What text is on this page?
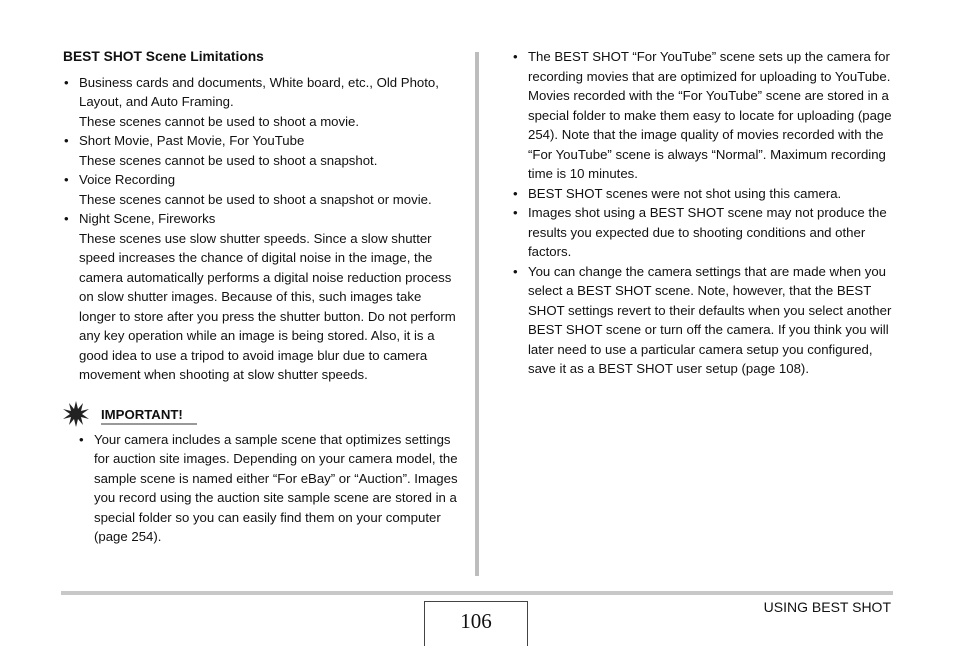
BEST SHOT Scene Limitations
• Business cards and documents, White board, etc., Old Photo, Layout, and Auto Framing.
These scenes cannot be used to shoot a movie.
• Short Movie, Past Movie, For YouTube
These scenes cannot be used to shoot a snapshot.
• Voice Recording
These scenes cannot be used to shoot a snapshot or movie.
• Night Scene, Fireworks
These scenes use slow shutter speeds. Since a slow shutter speed increases the chance of digital noise in the image, the camera automatically performs a digital noise reduction process on slow shutter images. Because of this, such images take longer to store after you press the shutter button. Do not perform any key operation while an image is being stored. Also, it is a good idea to use a tripod to avoid image blur due to camera movement when shooting at slow shutter speeds.
IMPORTANT!
• Your camera includes a sample scene that optimizes settings for auction site images. Depending on your camera model, the sample scene is named either “For eBay” or “Auction”. Images you record using the auction site sample scene are stored in a special folder so you can easily find them on your computer (page 254).
• The BEST SHOT “For YouTube” scene sets up the camera for recording movies that are optimized for uploading to YouTube. Movies recorded with the “For YouTube” scene are stored in a special folder to make them easy to locate for uploading (page 254). Note that the image quality of movies recorded with the “For YouTube” scene is always “Normal”. Maximum recording time is 10 minutes.
• BEST SHOT scenes were not shot using this camera.
• Images shot using a BEST SHOT scene may not produce the results you expected due to shooting conditions and other factors.
• You can change the camera settings that are made when you select a BEST SHOT scene. Note, however, that the BEST SHOT settings revert to their defaults when you select another BEST SHOT scene or turn off the camera. If you think you will later need to use a particular camera setup you configured, save it as a BEST SHOT user setup (page 108).
106
USING BEST SHOT
